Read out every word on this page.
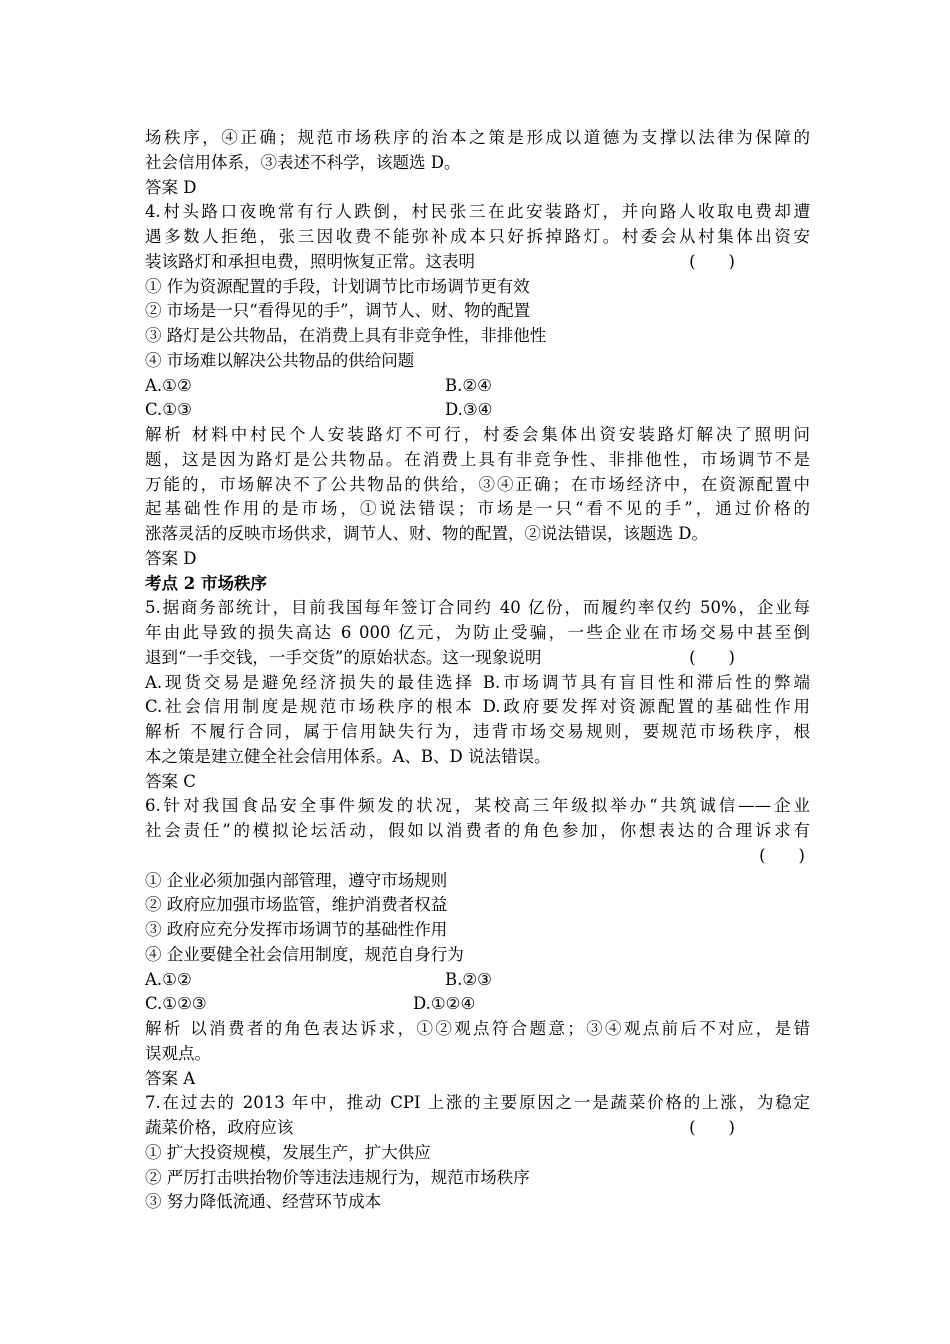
场秩序，④正确；规范市场秩序的治本之策是形成以道德为支撑以法律为保障的
社会信用体系，③表述不科学，该题选 D。
答案 D
4.村头路口夜晚常有行人跌倒，村民张三在此安装路灯，并向路人收取电费却遭
遇多数人拒绝，张三因收费不能弥补成本只好拆掉路灯。村委会从村集体出资安
装该路灯和承担电费，照明恢复正常。这表明	(　　)
① 作为资源配置的手段，计划调节比市场调节更有效
② 市场是一只“看得见的手”，调节人、财、物的配置
③ 路灯是公共物品，在消费上具有非竞争性，非排他性
④ 市场难以解决公共物品的供给问题
A.①②	B.②④
C.①③	D.③④
解析 材料中村民个人安装路灯不可行，村委会集体出资安装路灯解决了照明问
题，这是因为路灯是公共物品。在消费上具有非竞争性、非排他性，市场调节不是
万能的，市场解决不了公共物品的供给，③④正确；在市场经济中，在资源配置中
起基础性作用的是市场，①说法错误；市场是一只“看不见的手”，通过价格的
涨落灵活的反映市场供求，调节人、财、物的配置，②说法错误，该题选 D。
答案 D
考点 2 市场秩序
5.据商务部统计，目前我国每年签订合同约 40 亿份，而履约率仅约 50%，企业每
年由此导致的损失高达 6 000 亿元，为防止受骗，一些企业在市场交易中甚至倒
退到“一手交钱，一手交货”的原始状态。这一现象说明	(　　)
A.现货交易是避免经济损失的最佳选择 B.市场调节具有盲目性和滞后性的弊端
C.社会信用制度是规范市场秩序的根本 D.政府要发挥对资源配置的基础性作用
解析 不履行合同，属于信用缺失行为，违背市场交易规则，要规范市场秩序，根
本之策是建立健全社会信用体系。A、B、D 说法错误。
答案 C
6.针对我国食品安全事件频发的状况，某校高三年级拟举办“共筑诚信——企业
社会责任”的模拟论坛活动，假如以消费者的角色参加，你想表达的合理诉求有
(　　)
① 企业必须加强内部管理，遵守市场规则
② 政府应加强市场监管，维护消费者权益
③ 政府应充分发挥市场调节的基础性作用
④ 企业要健全社会信用制度，规范自身行为
A.①②	B.②③
C.①②③	D.①②④
解析 以消费者的角色表达诉求，①②观点符合题意；③④观点前后不对应，是错
误观点。
答案 A
7.在过去的 2013 年中，推动 CPI 上涨的主要原因之一是蔬菜价格的上涨，为稳定
蔬菜价格，政府应该	(　　)
① 扩大投资规模，发展生产，扩大供应
② 严厉打击哄抬物价等违法违规行为，规范市场秩序
③ 努力降低流通、经营环节成本
